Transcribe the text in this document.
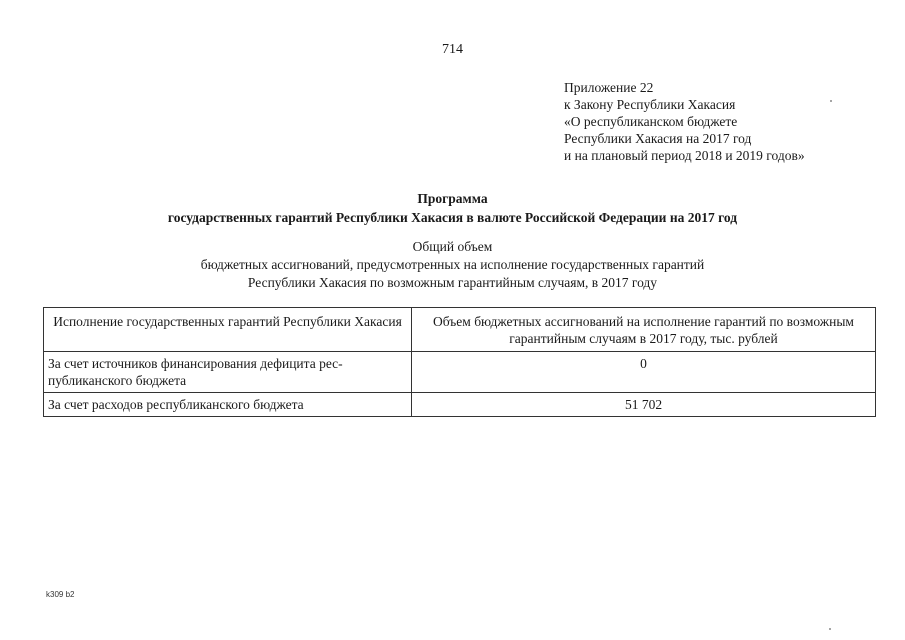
714
Приложение 22
к Закону Республики Хакасия
«О республиканском бюджете
Республики Хакасия на 2017 год
и на плановый период 2018 и 2019 годов»
Программа
государственных гарантий Республики Хакасия в валюте Российской Федерации на 2017 год
Общий объем
бюджетных ассигнований, предусмотренных на исполнение государственных гарантий
Республики Хакасия по возможным гарантийным случаям, в 2017 году
Исполнение государственных гарантий Республики Хакасия	Объем бюджетных ассигнований на исполнение гарантий по возможным гарантийным случаям в 2017 году, тыс. рублей
За счет источников финансирования дефицита рес-публиканского бюджета	0
За счет расходов республиканского бюджета	51 702
k309 b2
